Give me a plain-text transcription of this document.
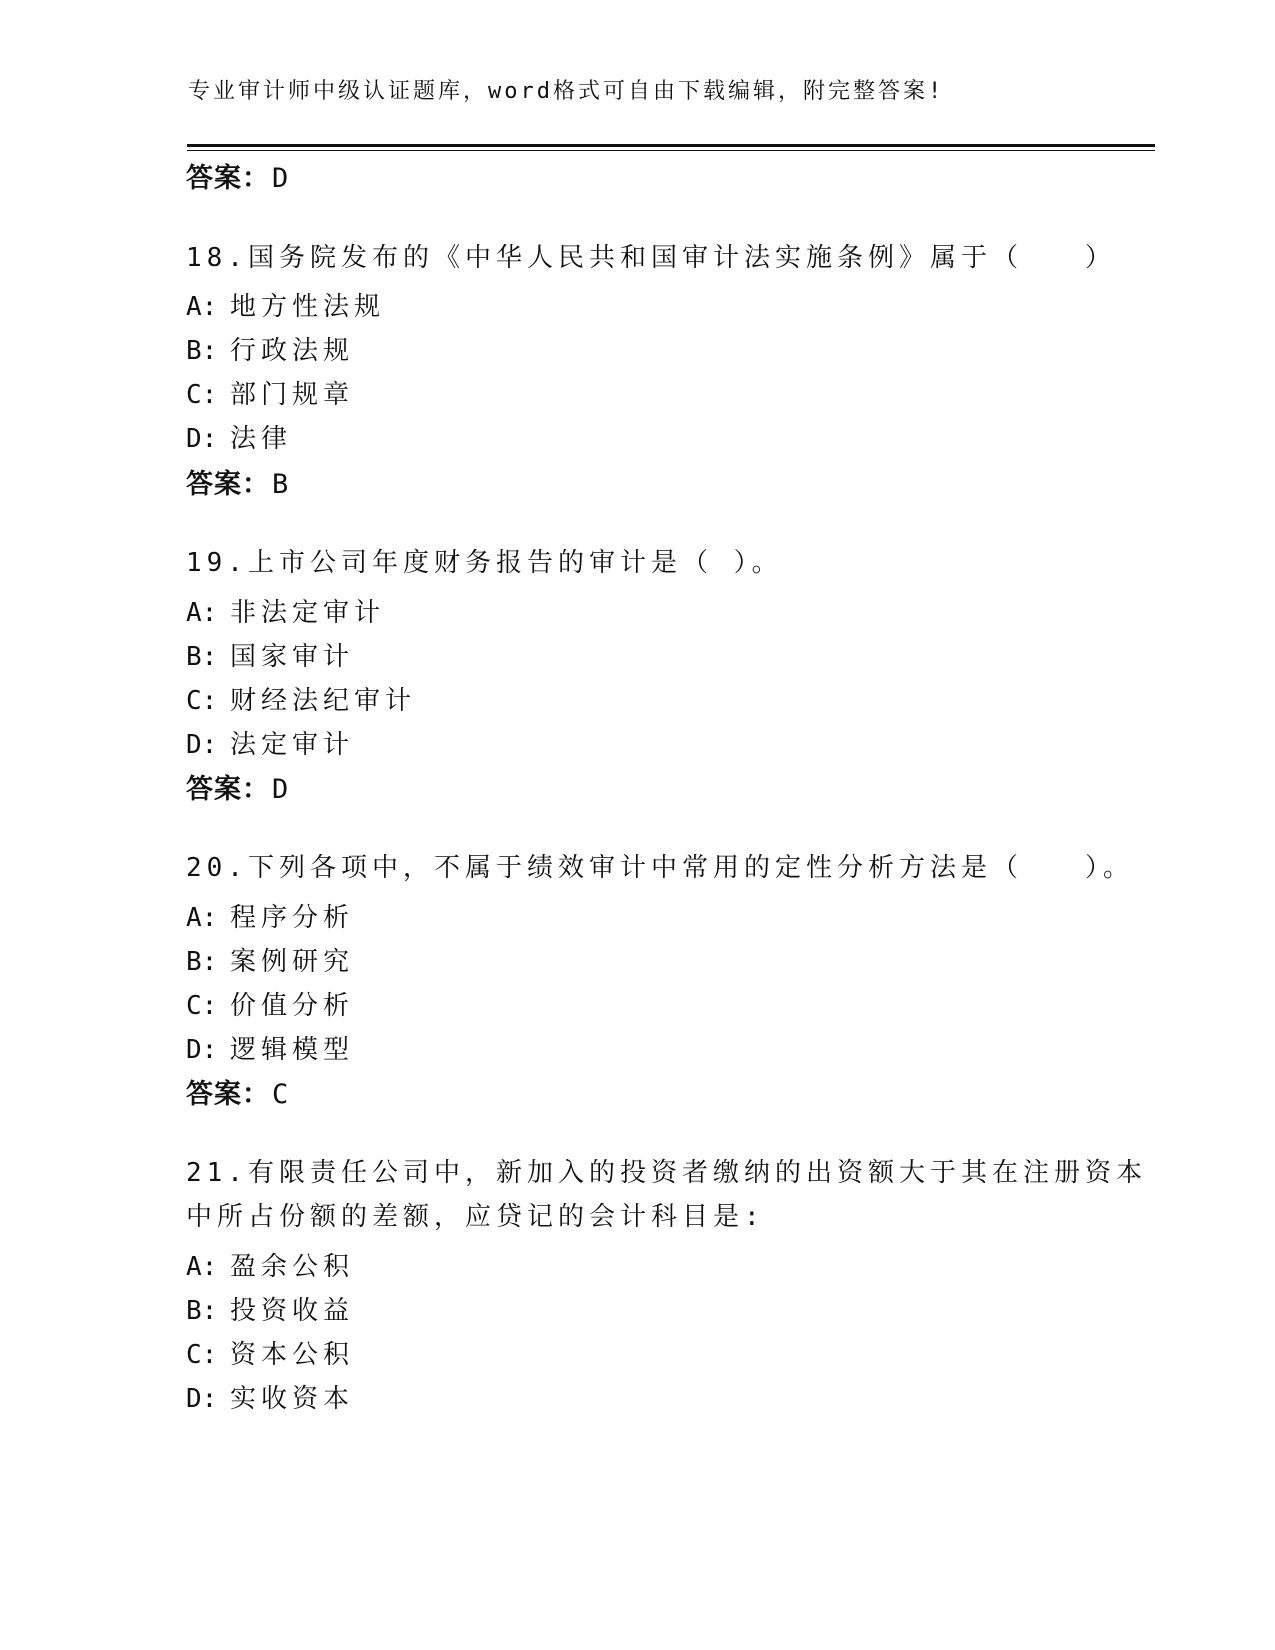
专业审计师中级认证题库，word格式可自由下载编辑，附完整答案!
答案：D
18.国务院发布的《中华人民共和国审计法实施条例》属于（　　）
A: 地方性法规
B: 行政法规
C: 部门规章
D: 法律
答案：B
19.上市公司年度财务报告的审计是（ ）。
A: 非法定审计
B: 国家审计
C: 财经法纪审计
D: 法定审计
答案：D
20.下列各项中，不属于绩效审计中常用的定性分析方法是（　　）。
A: 程序分析
B: 案例研究
C: 价值分析
D: 逻辑模型
答案：C
21.有限责任公司中，新加入的投资者缴纳的出资额大于其在注册资本
中所占份额的差额，应贷记的会计科目是:
A: 盈余公积
B: 投资收益
C: 资本公积
D: 实收资本
